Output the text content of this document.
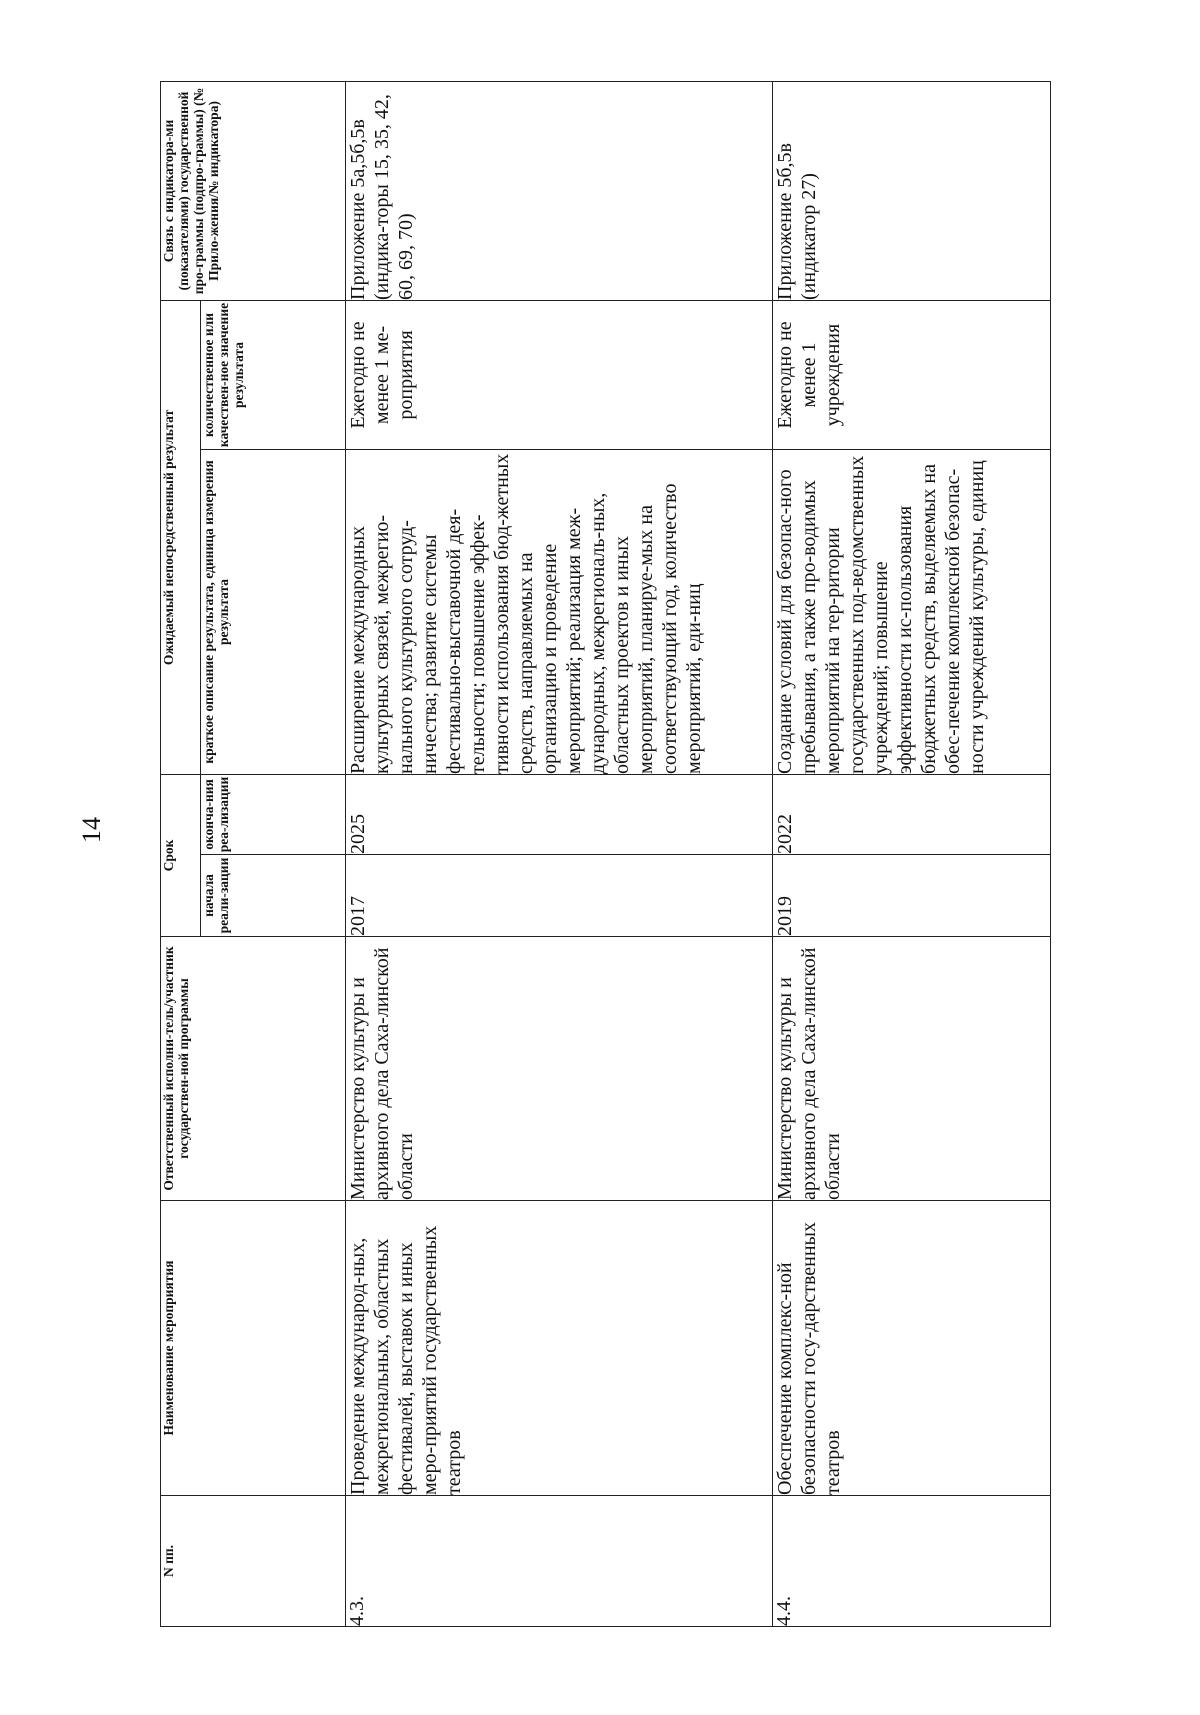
14
N пп.	Наименование мероприятия	Ответственный исполни-тель/участник государствен-ной программы	Срок		Ожидаемый непосредственный результат		Связь с индикатора-ми (показателями) государственной про-граммы (подпро-граммы) (№ Прило-жения/№ индикатора)
			начала реали-зации	оконча-ния реа-лизации	краткое описание результата, единица измерения результата	количественное или качествен-ное значение результата	
4.3.	Проведение международ-ных, межрегиональных, областных фестивалей, выставок и иных меро-приятий государственных театров	Министерство культуры и архивного дела Саха-линской области	2017	2025	Расширение международных культурных связей, межрегио-нального культурного сотруд-ничества; развитие системы фестивально-выставочной дея-тельности; повышение эффек-тивности использования бюд-жетных средств, направляемых на организацию и проведение мероприятий; реализация меж-дународных, межрегиональ-ных, областных проектов и иных мероприятий, планируе-мых на соответствующий год, количество мероприятий, еди-ниц	Ежегодно не менее 1 ме-роприятия	Приложение 5а,5б,5в (индика-торы 15, 35, 42, 60, 69, 70)
4.4.	Обеспечение комплекс-ной безопасности госу-дарственных театров	Министерство культуры и архивного дела Саха-линской области	2019	2022	Создание условий для безопас-ного пребывания, а также про-водимых мероприятий на тер-ритории государственных под-ведомственных учреждений; повышение эффективности ис-пользования бюджетных средств, выделяемых на обес-печение комплексной безопас-ности учреждений культуры, единиц	Ежегодно не менее 1 учреждения	Приложение 5б,5в (индикатор 27)
